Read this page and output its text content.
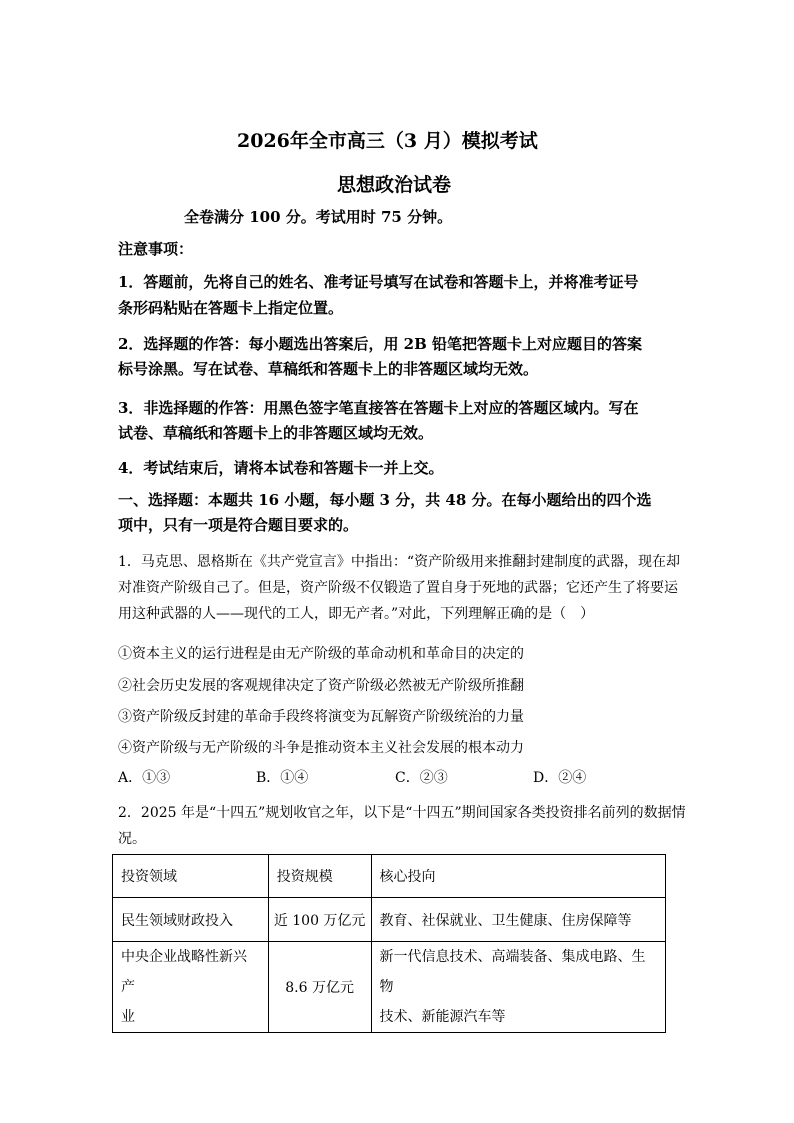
2026年全市高三（3 月）模拟考试
思想政治试卷
全卷满分 100 分。考试用时 75 分钟。
注意事项：
1．答题前，先将自己的姓名、准考证号填写在试卷和答题卡上，并将准考证号
条形码粘贴在答题卡上指定位置。
2．选择题的作答：每小题选出答案后，用 2B 铅笔把答题卡上对应题目的答案
标号涂黑。写在试卷、草稿纸和答题卡上的非答题区域均无效。
3．非选择题的作答：用黑色签字笔直接答在答题卡上对应的答题区域内。写在
试卷、草稿纸和答题卡上的非答题区域均无效。
4．考试结束后，请将本试卷和答题卡一并上交。
一、选择题：本题共 16 小题，每小题 3 分，共 48 分。在每小题给出的四个选
项中，只有一项是符合题目要求的。
1．马克思、恩格斯在《共产党宣言》中指出：“资产阶级用来推翻封建制度的武器，现在却
对准资产阶级自己了。但是，资产阶级不仅锻造了置自身于死地的武器；它还产生了将要运
用这种武器的人——现代的工人，即无产者。”对此，下列理解正确的是（　）
①资本主义的运行进程是由无产阶级的革命动机和革命目的决定的
②社会历史发展的客观规律决定了资产阶级必然被无产阶级所推翻
③资产阶级反封建的革命手段终将演变为瓦解资产阶级统治的力量
④资产阶级与无产阶级的斗争是推动资本主义社会发展的根本动力
A．①③	B．①④	C．②③	D．②④
2．2025 年是“十四五”规划收官之年，以下是“十四五”期间国家各类投资排名前列的数据情
况。
投资领域	投资规模	核心投向
民生领域财政投入	近 100 万亿元	教育、社保就业、卫生健康、住房保障等

中央企业战略性新兴产
业	8.6 万亿元	新一代信息技术、高端装备、集成电路、生物
技术、新能源汽车等
